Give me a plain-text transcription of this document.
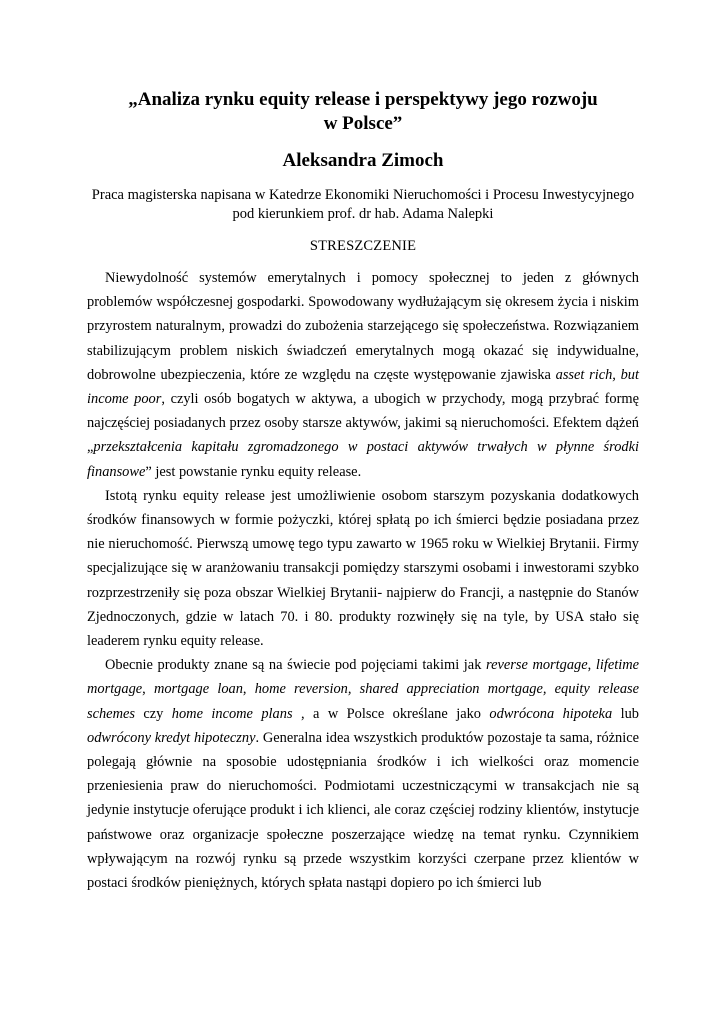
„Analiza rynku equity release i perspektywy jego rozwoju
w Polsce”
Aleksandra Zimoch
Praca magisterska napisana w Katedrze Ekonomiki Nieruchomości i Procesu Inwestycyjnego
pod kierunkiem prof. dr hab. Adama Nalepki
STRESZCZENIE

Niewydolność systemów emerytalnych i pomocy społecznej to jeden z głównych problemów współczesnej gospodarki. Spowodowany wydłużającym się okresem życia i niskim przyrostem naturalnym, prowadzi do zubożenia starzejącego się społeczeństwa. Rozwiązaniem stabilizującym problem niskich świadczeń emerytalnych mogą okazać się indywidualne, dobrowolne ubezpieczenia, które ze względu na częste występowanie zjawiska asset rich, but income poor, czyli osób bogatych w aktywa, a ubogich w przychody, mogą przybrać formę najczęściej posiadanych przez osoby starsze aktywów, jakimi są nieruchomości. Efektem dążeń „przekształcenia kapitału zgromadzonego w postaci aktywów trwałych w płynne środki finansowe” jest powstanie rynku equity release.

Istotą rynku equity release jest umożliwienie osobom starszym pozyskania dodatkowych środków finansowych w formie pożyczki, której spłatą po ich śmierci będzie posiadana przez nie nieruchomość. Pierwszą umowę tego typu zawarto w 1965 roku w Wielkiej Brytanii. Firmy specjalizujące się w aranżowaniu transakcji pomiędzy starszymi osobami i inwestorami szybko rozprzestrzeniły się poza obszar Wielkiej Brytanii- najpierw do Francji, a następnie do Stanów Zjednoczonych, gdzie w latach 70. i 80. produkty rozwinęły się na tyle, by USA stało się leaderem rynku equity release.

Obecnie produkty znane są na świecie pod pojęciami takimi jak reverse mortgage, lifetime mortgage, mortgage loan, home reversion, shared appreciation mortgage, equity release schemes czy home income plans , a w Polsce określane jako odwrócona hipoteka lub odwrócony kredyt hipoteczny. Generalna idea wszystkich produktów pozostaje ta sama, różnice polegają głównie na sposobie udostępniania środków i ich wielkości oraz momencie przeniesienia praw do nieruchomości. Podmiotami uczestniczącymi w transakcjach nie są jedynie instytucje oferujące produkt i ich klienci, ale coraz częściej rodziny klientów, instytucje państwowe oraz organizacje społeczne poszerzające wiedzę na temat rynku. Czynnikiem wpływającym na rozwój rynku są przede wszystkim korzyści czerpane przez klientów w postaci środków pieniężnych, których spłata nastąpi dopiero po ich śmierci lub
